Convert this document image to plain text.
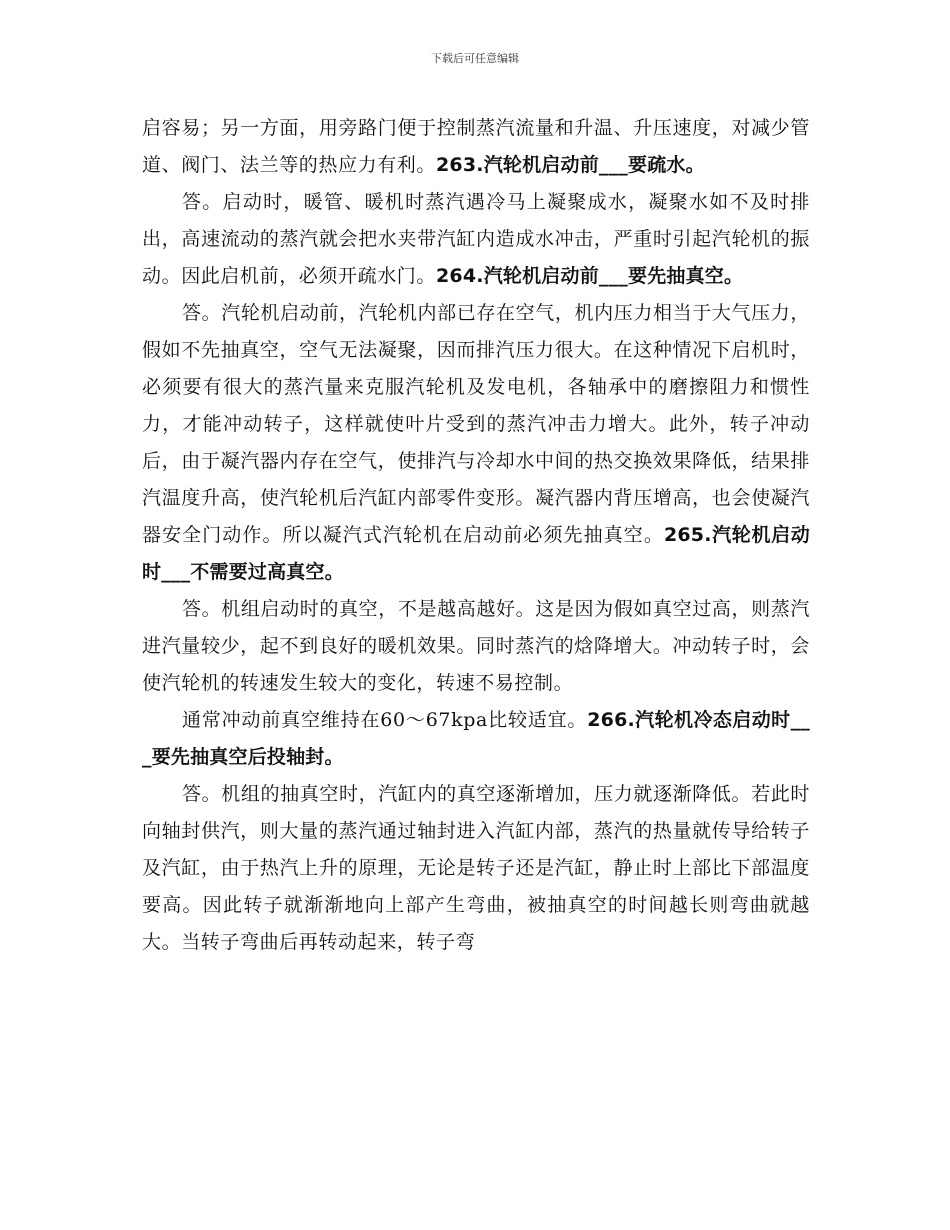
下载后可任意编辑

启容易；另一方面，用旁路门便于控制蒸汽流量和升温、升压速度，对减少管道、阀门、法兰等的热应力有利。263.汽轮机启动前___要疏水。

答。启动时，暖管、暖机时蒸汽遇冷马上凝聚成水，凝聚水如不及时排出，高速流动的蒸汽就会把水夹带汽缸内造成水冲击，严重时引起汽轮机的振动。因此启机前，必须开疏水门。264.汽轮机启动前___要先抽真空。

答。汽轮机启动前，汽轮机内部已存在空气，机内压力相当于大气压力，假如不先抽真空，空气无法凝聚，因而排汽压力很大。在这种情况下启机时，必须要有很大的蒸汽量来克服汽轮机及发电机，各轴承中的磨擦阻力和惯性力，才能冲动转子，这样就使叶片受到的蒸汽冲击力增大。此外，转子冲动后，由于凝汽器内存在空气，使排汽与冷却水中间的热交换效果降低，结果排汽温度升高，使汽轮机后汽缸内部零件变形。凝汽器内背压增高，也会使凝汽器安全门动作。所以凝汽式汽轮机在启动前必须先抽真空。265.汽轮机启动时___不需要过高真空。

答。机组启动时的真空，不是越高越好。这是因为假如真空过高，则蒸汽进汽量较少，起不到良好的暖机效果。同时蒸汽的焓降增大。冲动转子时，会使汽轮机的转速发生较大的变化，转速不易控制。

通常冲动前真空维持在60～67kpa比较适宜。266.汽轮机冷态启动时___要先抽真空后投轴封。

答。机组的抽真空时，汽缸内的真空逐渐增加，压力就逐渐降低。若此时向轴封供汽，则大量的蒸汽通过轴封进入汽缸内部，蒸汽的热量就传导给转子及汽缸，由于热汽上升的原理，无论是转子还是汽缸，静止时上部比下部温度要高。因此转子就渐渐地向上部产生弯曲，被抽真空的时间越长则弯曲就越大。当转子弯曲后再转动起来，转子弯
